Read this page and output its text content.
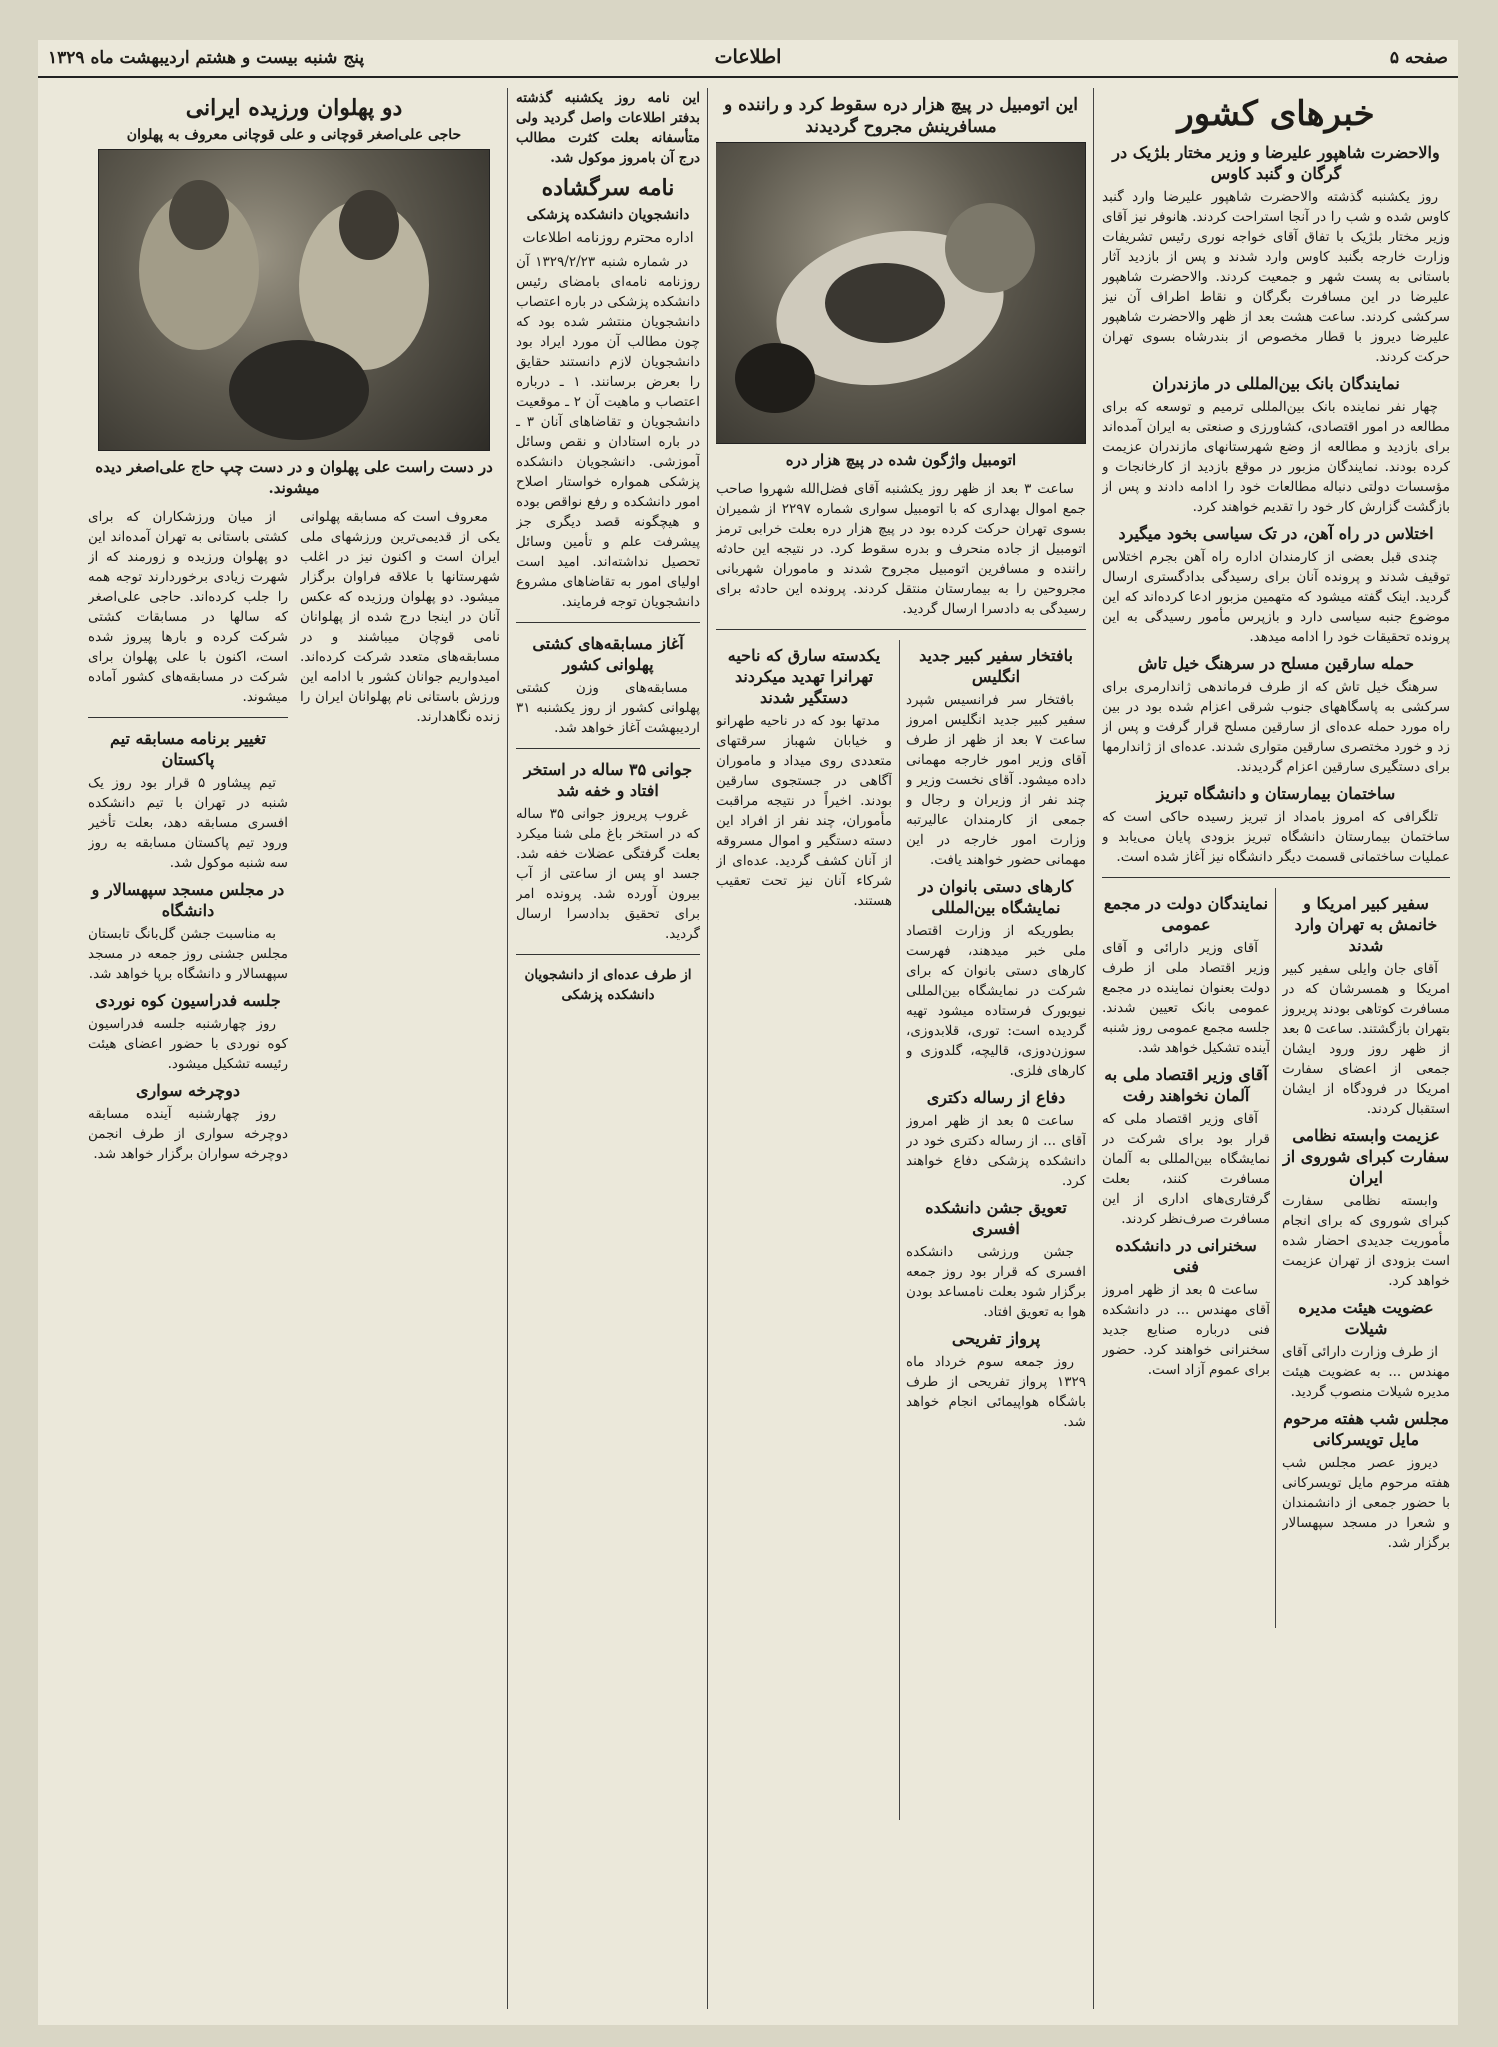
صفحه ۵
اطلاعات
پنج شنبه بیست و هشتم اردیبهشت ماه ۱۳۲۹
خبرهای کشور
والاحضرت شاهپور علیرضا و وزیر مختار بلژیک در گرگان و گنبد کاوس

روز یکشنبه گذشته والاحضرت شاهپور علیرضا وارد گنبد کاوس شده و شب را در آنجا استراحت کردند. هانوفر نیز آقای وزیر مختار بلژیک با تفاق آقای خواجه نوری رئیس تشریفات وزارت خارجه بگنبد کاوس وارد شدند و پس از بازدید آثار باستانی به پست شهر و جمعیت کردند. والاحضرت شاهپور علیرضا در این مسافرت بگرگان و نقاط اطراف آن نیز سرکشی کردند. ساعت هشت بعد از ظهر والاحضرت شاهپور علیرضا دیروز با قطار مخصوص از بندرشاه بسوی تهران حرکت کردند.

نمایندگان بانک بین‌المللی در مازندران

چهار نفر نماینده بانک بین‌المللی ترمیم و توسعه که برای مطالعه در امور اقتصادی، کشاورزی و صنعتی به ایران آمده‌اند برای بازدید و مطالعه از وضع شهرستانهای مازندران عزیمت کرده بودند. نمایندگان مزبور در موقع بازدید از کارخانجات و مؤسسات دولتی دنباله مطالعات خود را ادامه دادند و پس از بازگشت گزارش کار خود را تقدیم خواهند کرد.

اختلاس در راه آهن، در تک سیاسی بخود میگیرد

چندی قبل بعضی از کارمندان اداره راه آهن بجرم اختلاس توقیف شدند و پرونده آنان برای رسیدگی بدادگستری ارسال گردید. اینک گفته میشود که متهمین مزبور ادعا کرده‌اند که این موضوع جنبه سیاسی دارد و بازپرس مأمور رسیدگی به این پرونده تحقیقات خود را ادامه میدهد.

حمله سارقین مسلح در سرهنگ خیل تاش

سرهنگ خیل تاش که از طرف فرماندهی ژاندارمری برای سرکشی به پاسگاههای جنوب شرقی اعزام شده بود در بین راه مورد حمله عده‌ای از سارقین مسلح قرار گرفت و پس از زد و خورد مختصری سارقین متواری شدند. عده‌ای از ژاندارمها برای دستگیری سارقین اعزام گردیدند.

ساختمان بیمارستان و دانشگاه تبریز

تلگرافی که امروز بامداد از تبریز رسیده حاکی است که ساختمان بیمارستان دانشگاه تبریز بزودی پایان می‌یابد و عملیات ساختمانی قسمت دیگر دانشگاه نیز آغاز شده است.

سفیر کبیر امریکا و خانمش به تهران وارد شدند

آقای جان وایلی سفیر کبیر امریکا و همسرشان که در مسافرت کوتاهی بودند پریروز بتهران بازگشتند. ساعت ۵ بعد از ظهر روز ورود ایشان جمعی از اعضای سفارت امریکا در فرودگاه از ایشان استقبال کردند.

عزیمت وابسته نظامی سفارت کبرای شوروی از ایران

وابسته نظامی سفارت کبرای شوروی که برای انجام مأموریت جدیدی احضار شده است بزودی از تهران عزیمت خواهد کرد.

عضویت هیئت مدیره شیلات

از طرف وزارت دارائی آقای مهندس ... به عضویت هیئت مدیره شیلات منصوب گردید.

مجلس شب هفته مرحوم مایل تویسرکانی

دیروز عصر مجلس شب هفته مرحوم مایل تویسرکانی با حضور جمعی از دانشمندان و شعرا در مسجد سپهسالار برگزار شد.

نمایندگان دولت در مجمع عمومی

آقای وزیر دارائی و آقای وزیر اقتصاد ملی از طرف دولت بعنوان نماینده در مجمع عمومی بانک تعیین شدند. جلسه مجمع عمومی روز شنبه آینده تشکیل خواهد شد.

آقای وزیر اقتصاد ملی به آلمان نخواهند رفت

آقای وزیر اقتصاد ملی که قرار بود برای شرکت در نمایشگاه بین‌المللی به آلمان مسافرت کنند، بعلت گرفتاری‌های اداری از این مسافرت صرف‌نظر کردند.

سخنرانی در دانشکده فنی

ساعت ۵ بعد از ظهر امروز آقای مهندس ... در دانشکده فنی درباره صنایع جدید سخنرانی خواهند کرد. حضور برای عموم آزاد است.

این اتومبیل در پیچ هزار دره سقوط کرد و راننده و مسافرینش مجروح گردیدند
اتومبیل واژگون شده در پیچ هزار دره

ساعت ۳ بعد از ظهر روز یکشنبه آقای فضل‌الله شهروا صاحب جمع اموال بهداری که با اتومبیل سواری شماره ۲۲۹۷ از شمیران بسوی تهران حرکت کرده بود در پیچ هزار دره بعلت خرابی ترمز اتومبیل از جاده منحرف و بدره سقوط کرد. در نتیجه این حادثه راننده و مسافرین اتومبیل مجروح شدند و ماموران شهربانی مجروحین را به بیمارستان منتقل کردند. پرونده این حادثه برای رسیدگی به دادسرا ارسال گردید.

بافتخار سفیر کبیر جدید انگلیس

بافتخار سر فرانسیس شپرد سفیر کبیر جدید انگلیس امروز ساعت ۷ بعد از ظهر از طرف آقای وزیر امور خارجه مهمانی داده میشود. آقای نخست وزیر و چند نفر از وزیران و رجال و جمعی از کارمندان عالیرتبه وزارت امور خارجه در این مهمانی حضور خواهند یافت.

کارهای دستی بانوان در نمایشگاه بین‌المللی

بطوریکه از وزارت اقتصاد ملی خبر میدهند، فهرست کارهای دستی بانوان که برای شرکت در نمایشگاه بین‌المللی نیویورک فرستاده میشود تهیه گردیده است: توری، قلابدوزی، سوزن‌دوزی، قالیچه، گلدوزی و کارهای فلزی.

دفاع از رساله دکتری

ساعت ۵ بعد از ظهر امروز آقای ... از رساله دکتری خود در دانشکده پزشکی دفاع خواهند کرد.

تعویق جشن دانشکده افسری

جشن ورزشی دانشکده افسری که قرار بود روز جمعه برگزار شود بعلت نامساعد بودن هوا به تعویق افتاد.

پرواز تفریحی

روز جمعه سوم خرداد ماه ۱۳۲۹ پرواز تفریحی از طرف باشگاه هواپیمائی انجام خواهد شد.

یکدسته سارق که ناحیه تهرانرا تهدید میکردند دستگیر شدند

مدتها بود که در ناحیه طهرانو و خیابان شهباز سرقتهای متعددی روی میداد و ماموران آگاهی در جستجوی سارقین بودند. اخیراً در نتیجه مراقبت مأموران، چند نفر از افراد این دسته دستگیر و اموال مسروقه از آنان کشف گردید. عده‌ای از شرکاء آنان نیز تحت تعقیب هستند.

این نامه روز یکشنبه گذشته بدفتر اطلاعات واصل گردید ولی متأسفانه بعلت کثرت مطالب درج آن بامروز موکول شد.

نامه سرگشاده
دانشجویان دانشکده پزشکی
اداره محترم روزنامه اطلاعات

در شماره شنبه ۱۳۲۹/۲/۲۳ آن روزنامه نامه‌ای بامضای رئیس دانشکده پزشکی در باره اعتصاب دانشجویان منتشر شده بود که چون مطالب آن مورد ایراد بود دانشجویان لازم دانستند حقایق را بعرض برسانند. ۱ ـ درباره اعتصاب و ماهیت آن ۲ ـ موقعیت دانشجویان و تقاضاهای آنان ۳ ـ در باره استادان و نقص وسائل آموزشی. دانشجویان دانشکده پزشکی همواره خواستار اصلاح امور دانشکده و رفع نواقص بوده و هیچگونه قصد دیگری جز پیشرفت علم و تأمین وسائل تحصیل نداشته‌اند. امید است اولیای امور به تقاضاهای مشروع دانشجویان توجه فرمایند.

آغاز مسابقه‌های کشتی پهلوانی کشور

مسابقه‌های وزن کشتی پهلوانی کشور از روز یکشنبه ۳۱ اردیبهشت آغاز خواهد شد.

جوانی ۳۵ ساله در استخر افتاد و خفه شد

غروب پریروز جوانی ۳۵ ساله که در استخر باغ ملی شنا میکرد بعلت گرفتگی عضلات خفه شد. جسد او پس از ساعتی از آب بیرون آورده شد. پرونده امر برای تحقیق بدادسرا ارسال گردید.

از طرف عده‌ای از دانشجویان دانشکده پزشکی

دو پهلوان ورزیده ایرانی
حاجی علی‌اصغر قوچانی و علی قوچانی معروف به پهلوان
در دست راست علی پهلوان و در دست چپ حاج علی‌اصغر دیده میشوند.

معروف است که مسابقه پهلوانی یکی از قدیمی‌ترین ورزشهای ملی ایران است و اکنون نیز در اغلب شهرستانها با علاقه فراوان برگزار میشود. دو پهلوان ورزیده که عکس آنان در اینجا درج شده از پهلوانان نامی قوچان میباشند و در مسابقه‌های متعدد شرکت کرده‌اند. امیدواریم جوانان کشور با ادامه این ورزش باستانی نام پهلوانان ایران را زنده نگاهدارند.

از میان ورزشکاران که برای کشتی باستانی به تهران آمده‌اند این دو پهلوان ورزیده و زورمند که از شهرت زیادی برخوردارند توجه همه را جلب کرده‌اند. حاجی علی‌اصغر که سالها در مسابقات کشتی شرکت کرده و بارها پیروز شده است، اکنون با علی پهلوان برای شرکت در مسابقه‌های کشور آماده میشوند.

تغییر برنامه مسابقه تیم پاکستان

تیم پیشاور ۵ قرار بود روز یک شنبه در تهران با تیم دانشکده افسری مسابقه دهد، بعلت تأخیر ورود تیم پاکستان مسابقه به روز سه شنبه موکول شد.

در مجلس مسجد سپهسالار و دانشگاه

به مناسبت جشن گل‌بانگ تابستان مجلس جشنی روز جمعه در مسجد سپهسالار و دانشگاه برپا خواهد شد.

جلسه فدراسیون کوه نوردی

روز چهارشنبه جلسه فدراسیون کوه نوردی با حضور اعضای هیئت رئیسه تشکیل میشود.

دوچرخه سواری

روز چهارشنبه آینده مسابقه دوچرخه سواری از طرف انجمن دوچرخه سواران برگزار خواهد شد.
